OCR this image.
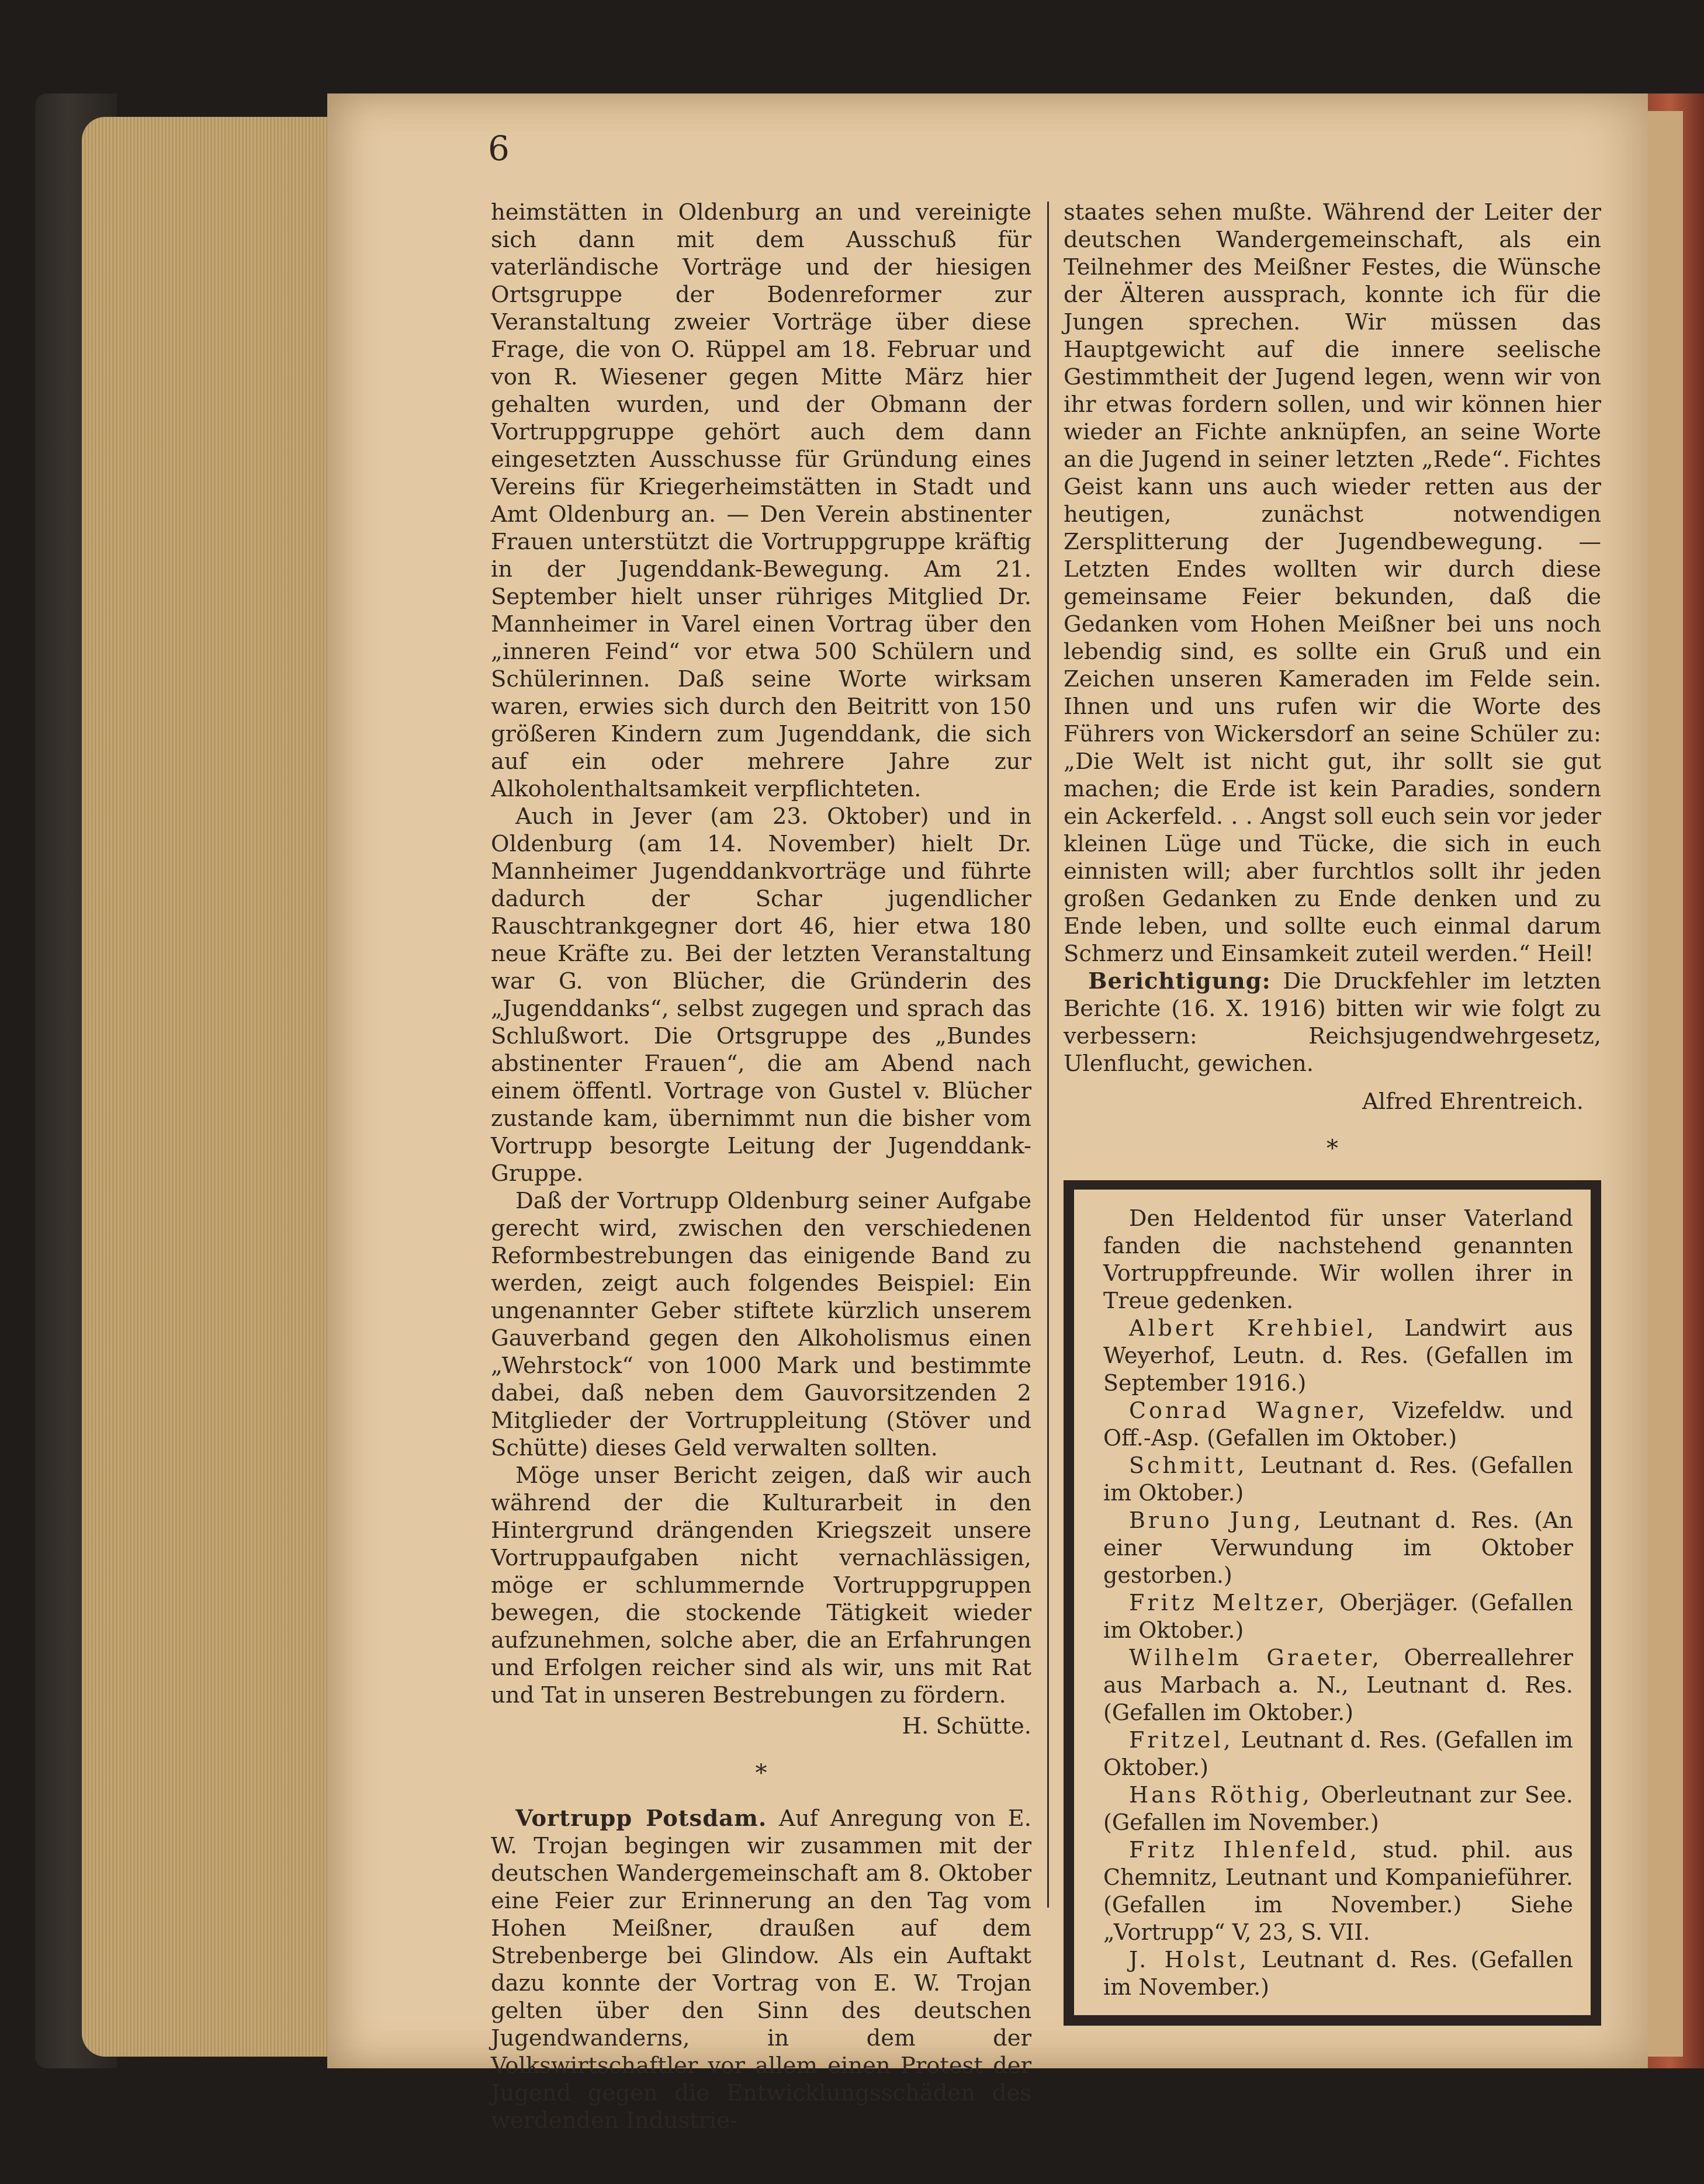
6

heimstätten in Oldenburg an und vereinigte sich dann mit dem Ausschuß für vaterländische Vorträge und der hiesigen Ortsgruppe der Bodenreformer zur Veranstaltung zweier Vorträge über diese Frage, die von O. Rüppel am 18. Februar und von R. Wiesener gegen Mitte März hier gehalten wurden, und der Obmann der Vortruppgruppe gehört auch dem dann eingesetzten Ausschusse für Gründung eines Vereins für Kriegerheimstätten in Stadt und Amt Oldenburg an. — Den Verein abstinenter Frauen unterstützt die Vortruppgruppe kräftig in der Jugenddank-Bewegung. Am 21. September hielt unser rühriges Mitglied Dr. Mannheimer in Varel einen Vortrag über den „inneren Feind“ vor etwa 500 Schülern und Schülerinnen. Daß seine Worte wirksam waren, erwies sich durch den Beitritt von 150 größeren Kindern zum Jugenddank, die sich auf ein oder mehrere Jahre zur Alkoholenthaltsamkeit verpflichteten.

Auch in Jever (am 23. Oktober) und in Oldenburg (am 14. November) hielt Dr. Mannheimer Jugenddankvorträge und führte dadurch der Schar jugendlicher Rauschtrankgegner dort 46, hier etwa 180 neue Kräfte zu. Bei der letzten Veranstaltung war G. von Blücher, die Gründerin des „Jugenddanks“, selbst zugegen und sprach das Schlußwort. Die Ortsgruppe des „Bundes abstinenter Frauen“, die am Abend nach einem öffentl. Vortrage von Gustel v. Blücher zustande kam, übernimmt nun die bisher vom Vortrupp besorgte Leitung der Jugenddank-Gruppe.

Daß der Vortrupp Oldenburg seiner Aufgabe gerecht wird, zwischen den verschiedenen Reformbestrebungen das einigende Band zu werden, zeigt auch folgendes Beispiel: Ein ungenannter Geber stiftete kürzlich unserem Gauverband gegen den Alkoholismus einen „Wehrstock“ von 1000 Mark und bestimmte dabei, daß neben dem Gauvorsitzenden 2 Mitglieder der Vortruppleitung (Stöver und Schütte) dieses Geld verwalten sollten.

Möge unser Bericht zeigen, daß wir auch während der die Kulturarbeit in den Hintergrund drängenden Kriegszeit unsere Vortruppaufgaben nicht vernachlässigen, möge er schlummernde Vortruppgruppen bewegen, die stockende Tätigkeit wieder aufzunehmen, solche aber, die an Erfahrungen und Erfolgen reicher sind als wir, uns mit Rat und Tat in unseren Bestrebungen zu fördern.

H. Schütte.

*

Vortrupp Potsdam. Auf Anregung von E. W. Trojan begingen wir zusammen mit der deutschen Wandergemeinschaft am 8. Oktober eine Feier zur Erinnerung an den Tag vom Hohen Meißner, draußen auf dem Strebenberge bei Glindow. Als ein Auftakt dazu konnte der Vortrag von E. W. Trojan gelten über den Sinn des deutschen Jugendwanderns, in dem der Volkswirtschaftler vor allem einen Protest der Jugend gegen die Entwicklungsschäden des werdenden Industrie-

staates sehen mußte. Während der Leiter der deutschen Wandergemeinschaft, als ein Teilnehmer des Meißner Festes, die Wünsche der Älteren aussprach, konnte ich für die Jungen sprechen. Wir müssen das Hauptgewicht auf die innere seelische Gestimmtheit der Jugend legen, wenn wir von ihr etwas fordern sollen, und wir können hier wieder an Fichte anknüpfen, an seine Worte an die Jugend in seiner letzten „Rede“. Fichtes Geist kann uns auch wieder retten aus der heutigen, zunächst notwendigen Zersplitterung der Jugendbewegung. — Letzten Endes wollten wir durch diese gemeinsame Feier bekunden, daß die Gedanken vom Hohen Meißner bei uns noch lebendig sind, es sollte ein Gruß und ein Zeichen unseren Kameraden im Felde sein. Ihnen und uns rufen wir die Worte des Führers von Wickersdorf an seine Schüler zu: „Die Welt ist nicht gut, ihr sollt sie gut machen; die Erde ist kein Paradies, sondern ein Ackerfeld. . . Angst soll euch sein vor jeder kleinen Lüge und Tücke, die sich in euch einnisten will; aber furchtlos sollt ihr jeden großen Gedanken zu Ende denken und zu Ende leben, und sollte euch einmal darum Schmerz und Einsamkeit zuteil werden.“ Heil!

Berichtigung: Die Druckfehler im letzten Berichte (16. X. 1916) bitten wir wie folgt zu verbessern: Reichsjugendwehrgesetz, Ulenflucht, gewichen.

Alfred Ehrentreich.

*

Den Heldentod für unser Vaterland fanden die nachstehend genannten Vortruppfreunde. Wir wollen ihrer in Treue gedenken.

Albert Krehbiel, Landwirt aus Weyerhof, Leutn. d. Res. (Gefallen im September 1916.)

Conrad Wagner, Vizefeldw. und Off.-Asp. (Gefallen im Oktober.)

Schmitt, Leutnant d. Res. (Gefallen im Oktober.)

Bruno Jung, Leutnant d. Res. (An einer Verwundung im Oktober gestorben.)

Fritz Meltzer, Oberjäger. (Gefallen im Oktober.)

Wilhelm Graeter, Oberreallehrer aus Marbach a. N., Leutnant d. Res. (Gefallen im Oktober.)

Fritzel, Leutnant d. Res. (Gefallen im Oktober.)

Hans Röthig, Oberleutnant zur See. (Gefallen im November.)

Fritz Ihlenfeld, stud. phil. aus Chemnitz, Leutnant und Kompanieführer. (Gefallen im November.) Siehe „Vortrupp“ V, 23, S. VII.

J. Holst, Leutnant d. Res. (Gefallen im November.)
